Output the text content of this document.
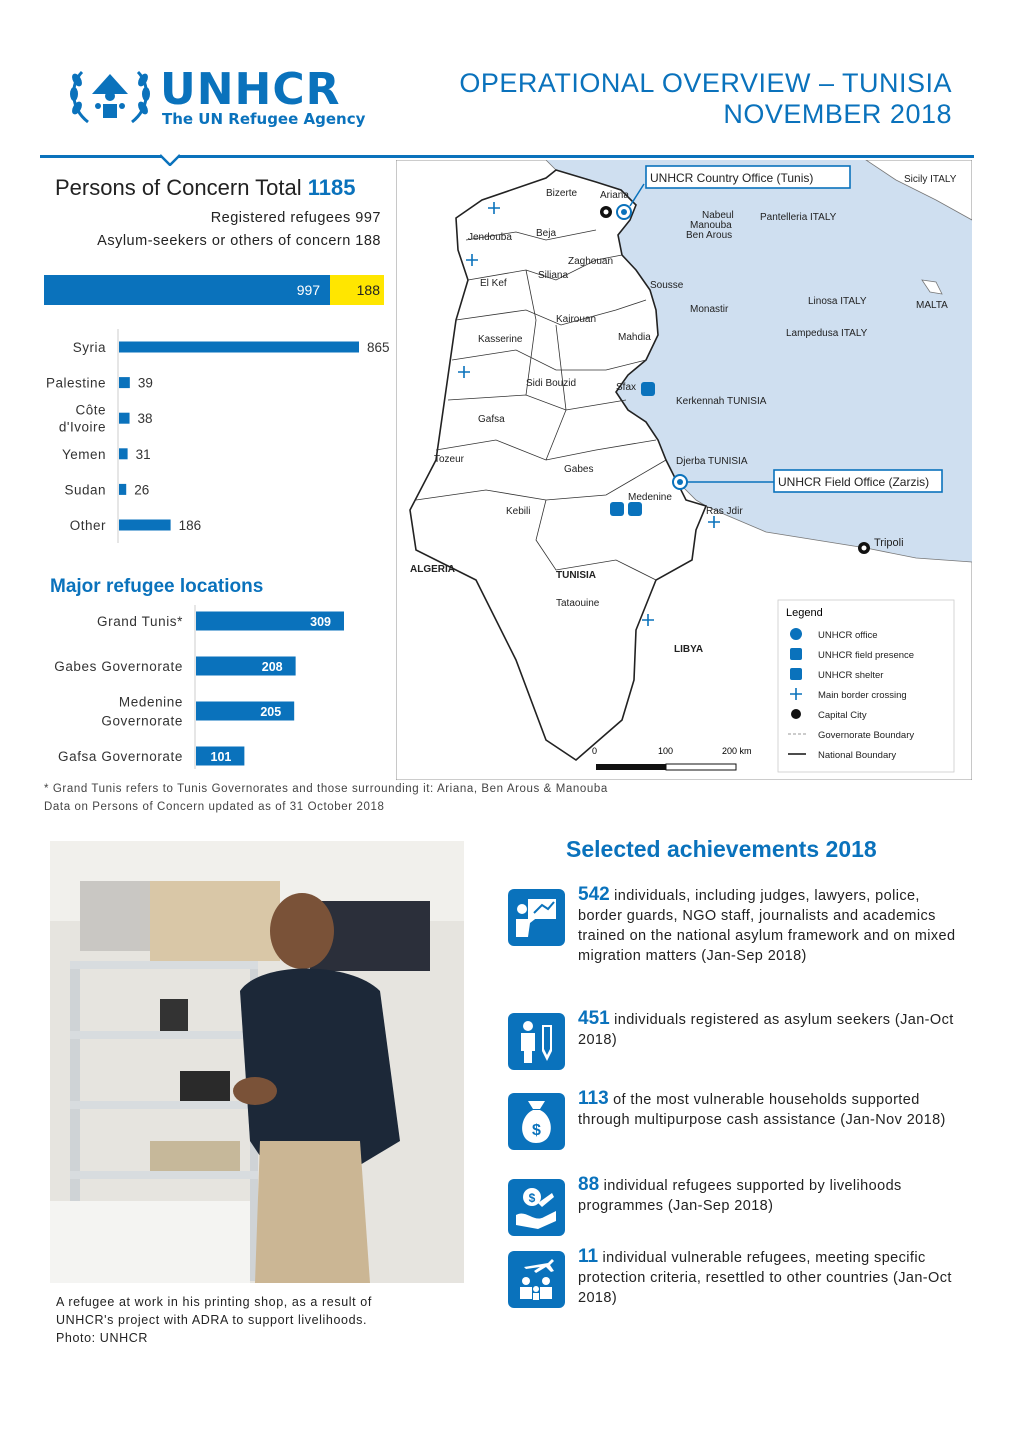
UNHCR
The UN Refugee Agency
OPERATIONAL OVERVIEW – TUNISIA
NOVEMBER 2018
Persons of Concern Total 1185
Registered refugees 997
Asylum-seekers or others of concern 188
997	188
Syria	865
Palestine 39
Côte
d'Ivoire
38
Yemen 31
Sudan 26
Other	186
Major refugee locations
Grand Tunis*	309
Gabes Governorate	208
Medenine
Governorate
205
Gafsa Governorate 101	0	100	200 km
UNHCR Country Office (Tunis)
UNHCR Field Office (Zarzis)
Sicily ITALY
MALTA
Pantelleria ITALY
Linosa ITALY
Lampedusa ITALY
Kerkennah TUNISIA
Djerba TUNISIA
Bizerte Ariana
Nabeul
Manouba
Ben Arous
Beja
Jendouba
Zaghouan
El Kef
Siliana
Sousse
Monastir
Kairouan
Mahdia
Kasserine
Sidi Bouzid	Sfax
Gafsa
Tozeur
Gabes
Medenine
Kebili	Ras Jdir
Tripoli
ALGERIA
TUNISIA
Tataouine
LIBYA
Legend
UNHCR office
UNHCR field presence
UNHCR shelter
Main border crossing
Capital City
Governorate Boundary
National Boundary
* Grand Tunis refers to Tunis Governorates and those surrounding it: Ariana, Ben Arous & Manouba
Data on Persons of Concern updated as of 31 October 2018
A refugee at work in his printing shop, as a result of UNHCR's project with ADRA to support livelihoods.
Photo: UNHCR
Selected achievements 2018
542 individuals, including judges, lawyers, police, border guards, NGO staff, journalists and academics trained on the national asylum framework and on mixed migration matters (Jan-Sep 2018)
451 individuals registered as asylum seekers (Jan-Oct 2018)
$
113 of the most vulnerable households supported through multipurpose cash assistance (Jan-Nov 2018)
$
88 individual refugees supported by livelihoods programmes (Jan-Sep 2018)
11 individual vulnerable refugees, meeting specific protection criteria, resettled to other countries (Jan-Oct 2018)
